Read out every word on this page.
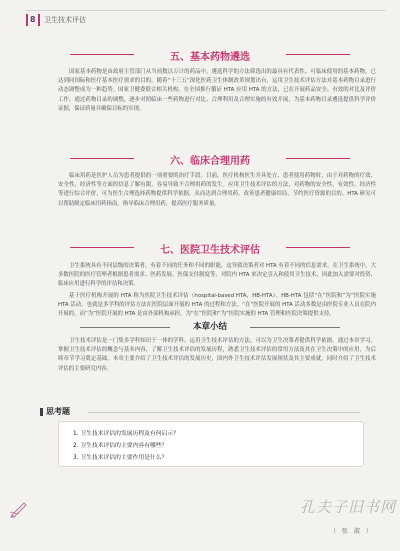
8 卫生技术评估
五、基本药物遴选

国家基本药物是由政府主管部门从当前数以万计的药品中，遴选科学的方法筛选出的最具有代表性、可临床使用的基本药物，已达到同国际和医疗基本医疗需求的目的。随着“十三五”深化医药卫生体制改革规划出台，运用卫生技术评估方法对基本药物目录进行动态调整成为一种趋势。国家卫健委联合相关机构，在全国推行循证 HTA 应用 HTA 的方法，已在开展药品安全、有效的对比及评价工作，通过药物目录的调整，逐步对照临床一些药物进行对比、合理利用及合理实施的有效开展，为基本药物目录遴选提供科学评价证据，保证质量并确保目标的实现。

六、临床合理用药

临床用药是医护人员为患者提供的一项重要的治疗手段。目前，医疗机构医生开具处方、患者使用药物时，由于对药物的疗效、安全性、经济性等方面的信息了解有限，容易导致不合理用药的发生。应用卫生技术评估的方法，对药物的安全性、有效性、经济性等进行综合评价，可为医生合理选择药物提供科学依据，从而达到合理用药、改善患者健康结局、节约医疗资源的目的。HTA 研究可以帮助制定临床用药指南，指导临床合理用药，提高医疗服务质量。

七、医院卫生技术评估

卫生系统具有不同层级的决策者，有着不同的任务和不同的职能，这导致决策者对 HTA 有着不同的信息需求。在卫生系统中，大多数医院的医疗管理者根据患者需求、医药发展、医保支付制度等，对院内 HTA 来决定引入和使用卫生技术，因此加入需要对投资、临床应用进行科学的评估和决策。

基于医疗机构开展的 HTA 称为医院卫生技术评估（hospital-based HTA，HB-HTA）。HB-HTA 包括“在”医院和“为”医院实施 HTA 活动，也就是多学科的评估方法在医院层面开展的 HTA 的过程和方法。“在”医院开展的 HTA 活动多数是由医院专业人员在院内开展的，而“为”医院开展的 HTA 是由外部机构承担，为“在”医院和“为”医院实施的 HTA 管理和医院决策提供支持。

本章小结

卫生技术评估是一门集多学科知识于一体的学科，运用卫生技术评估的方法，可以为卫生决策者提供科学依据。通过本章学习，掌握卫生技术评估的概念与基本内容，了解卫生技术评估的发展历程，熟悉卫生技术评估的常用方法及其在卫生决策中的应用，为后续章节学习奠定基础。本章主要介绍了卫生技术评估的发展历史，国内外卫生技术评估发展现状及其主要成就，同时介绍了卫生技术评估的主要研究内容。

思考题
1. 卫生技术评估的发展历程及有何启示？
2. 卫生技术评估的主要内容有哪些？
3. 卫生技术评估的主要作用是什么？
孔夫子旧书网
（ 张 淑 ）
